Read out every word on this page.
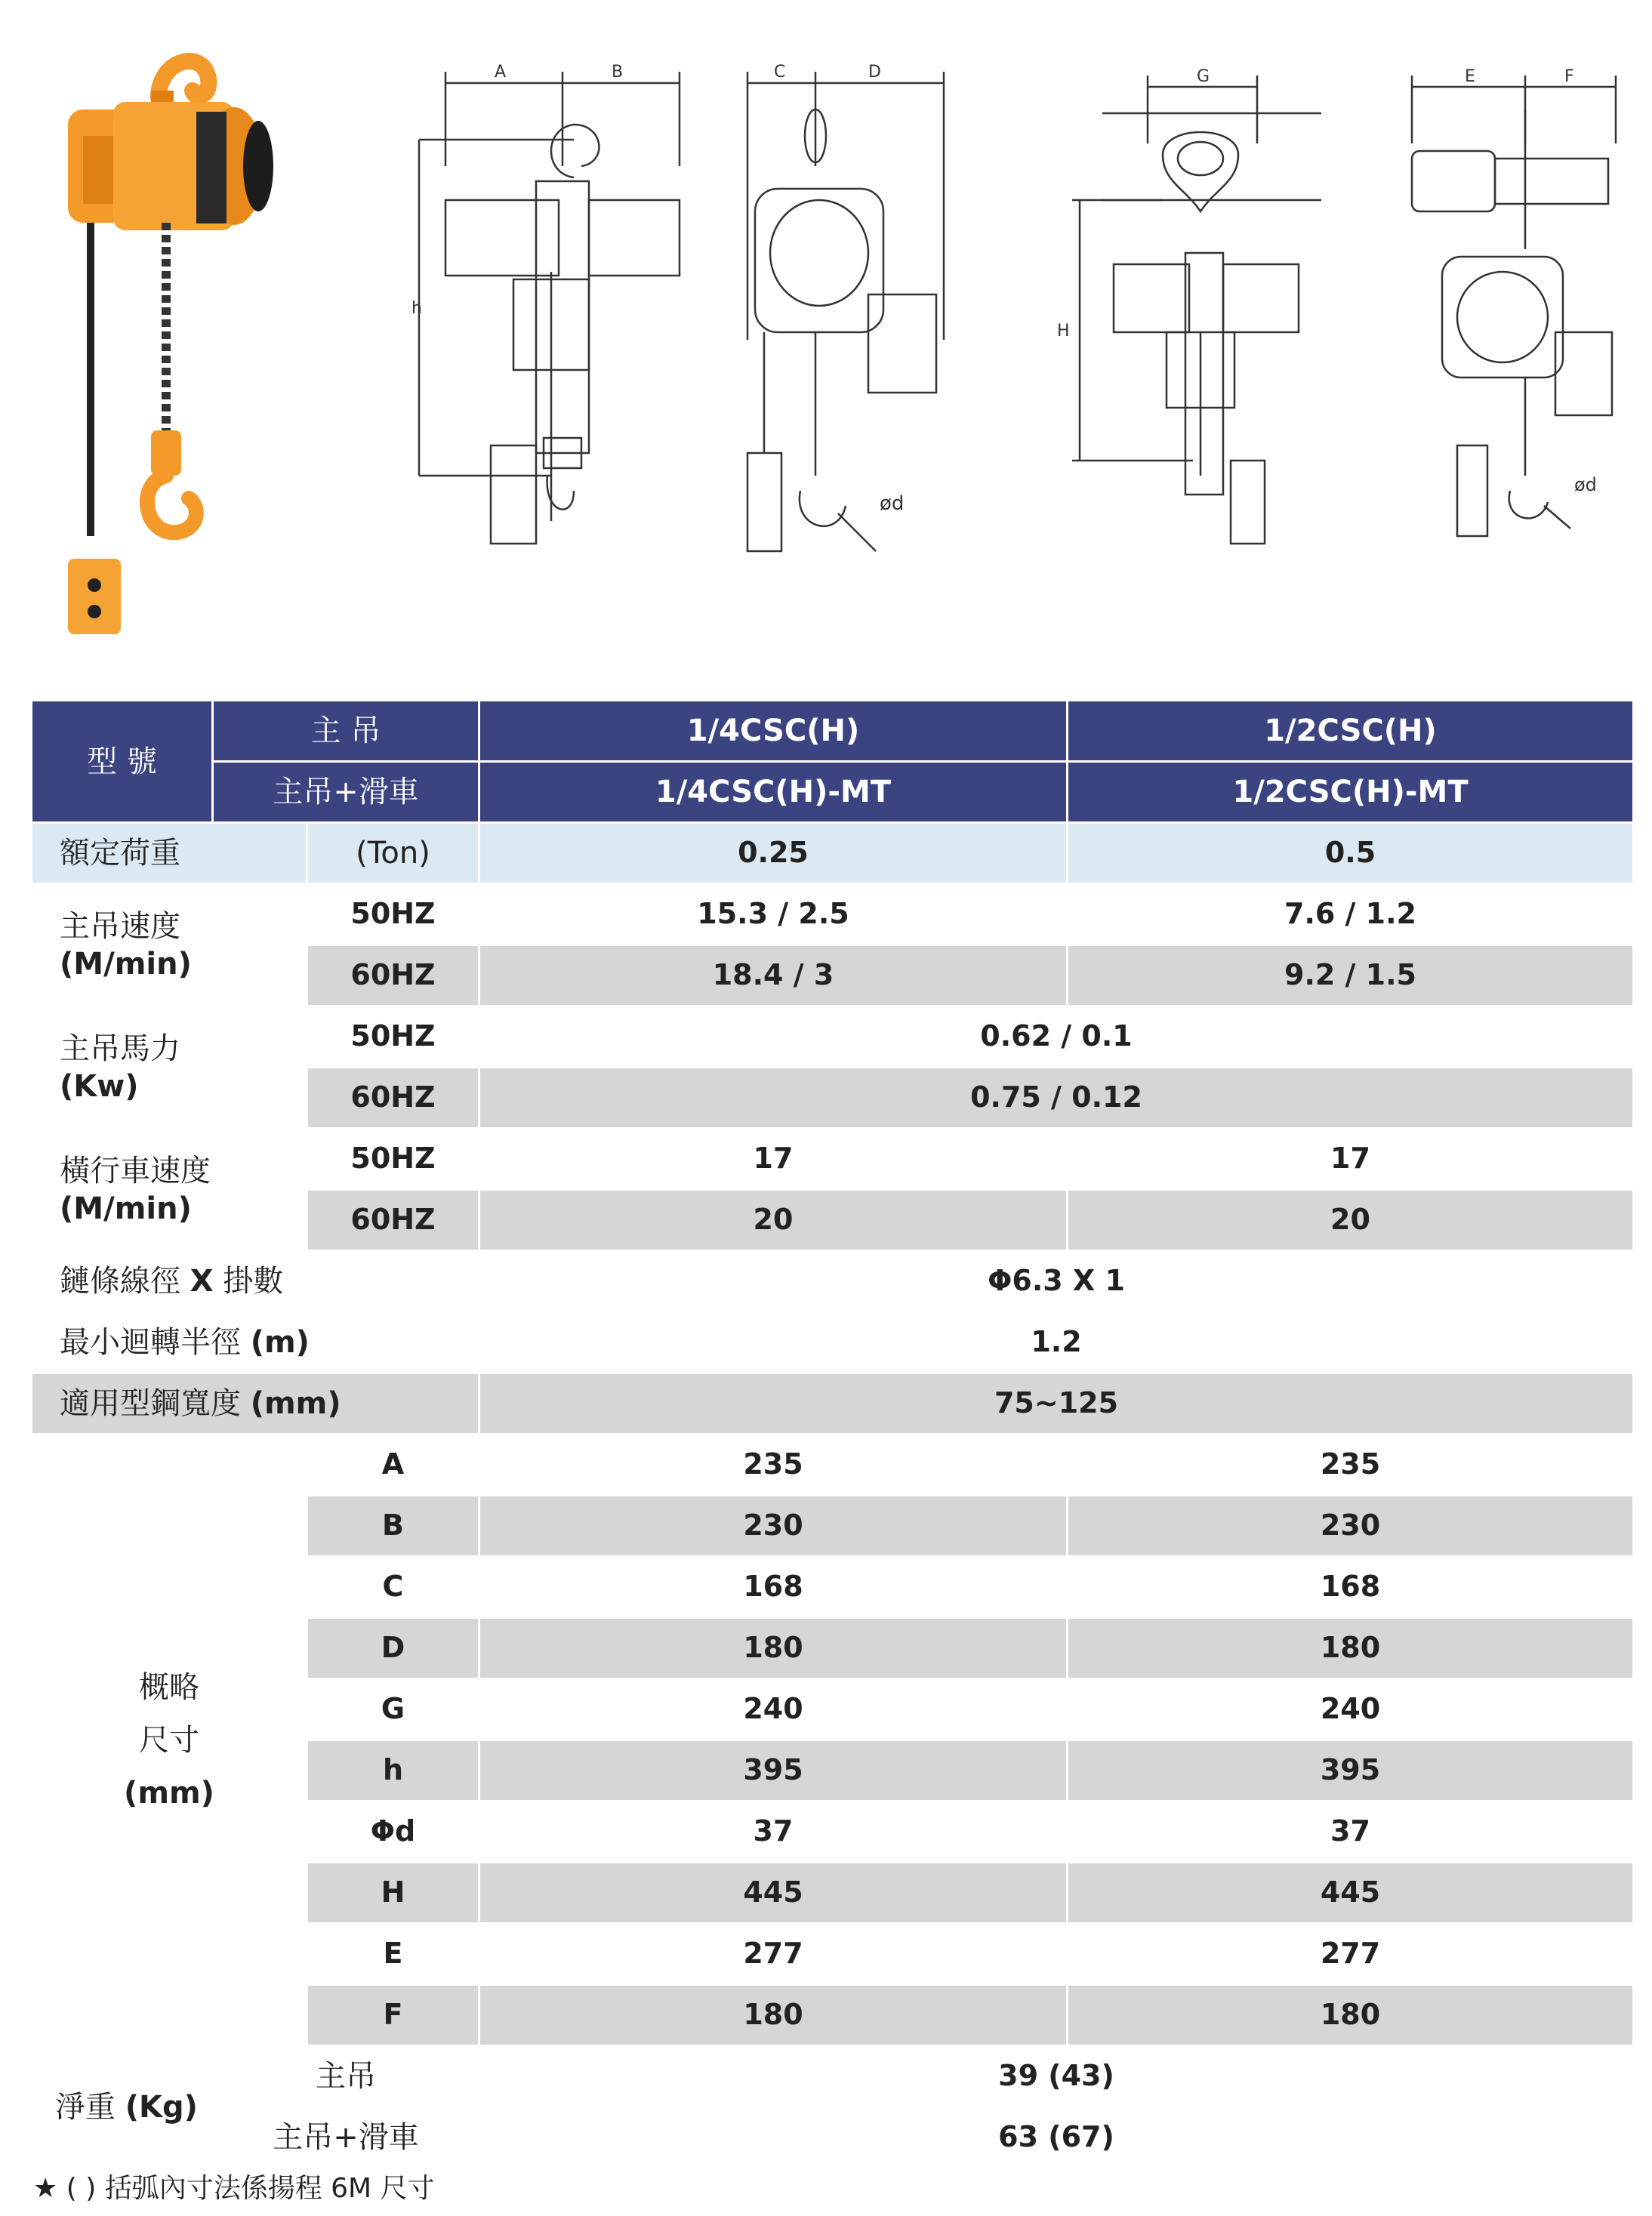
A	B
h
C	D
ød
G
H
E	F
ød
型 號	主 吊		1/4CSC(H)	1/2CSC(H)
	主吊+滑車		1/4CSC(H)-MT	1/2CSC(H)-MT
額定荷重		(Ton)	0.25	0.5

主吊速度
(M/min)		50HZ	15.3 / 2.5	7.6 / 1.2
		60HZ	18.4 / 3	9.2 / 1.5

主吊馬力
(Kw)		50HZ	0.62 / 0.1	
		60HZ	0.75 / 0.12	

橫行車速度
(M/min)		50HZ	17	17
		60HZ	20	20
鏈條線徑 X 掛數			Φ6.3 X 1	
最小迴轉半徑 (m)			1.2	
適用型鋼寬度 (mm)			75~125	

概略
尺寸
(mm)		A	235	235
		B	230	230
		C	168	168
		D	180	180
		G	240	240
		h	395	395
		Φd	37	37
		H	445	445
		E	277	277
		F	180	180
淨重 (Kg)	主吊		39 (43)	
	主吊+滑車		63 (67)	
★ ( ) 括弧內寸法係揚程 6M 尺寸
